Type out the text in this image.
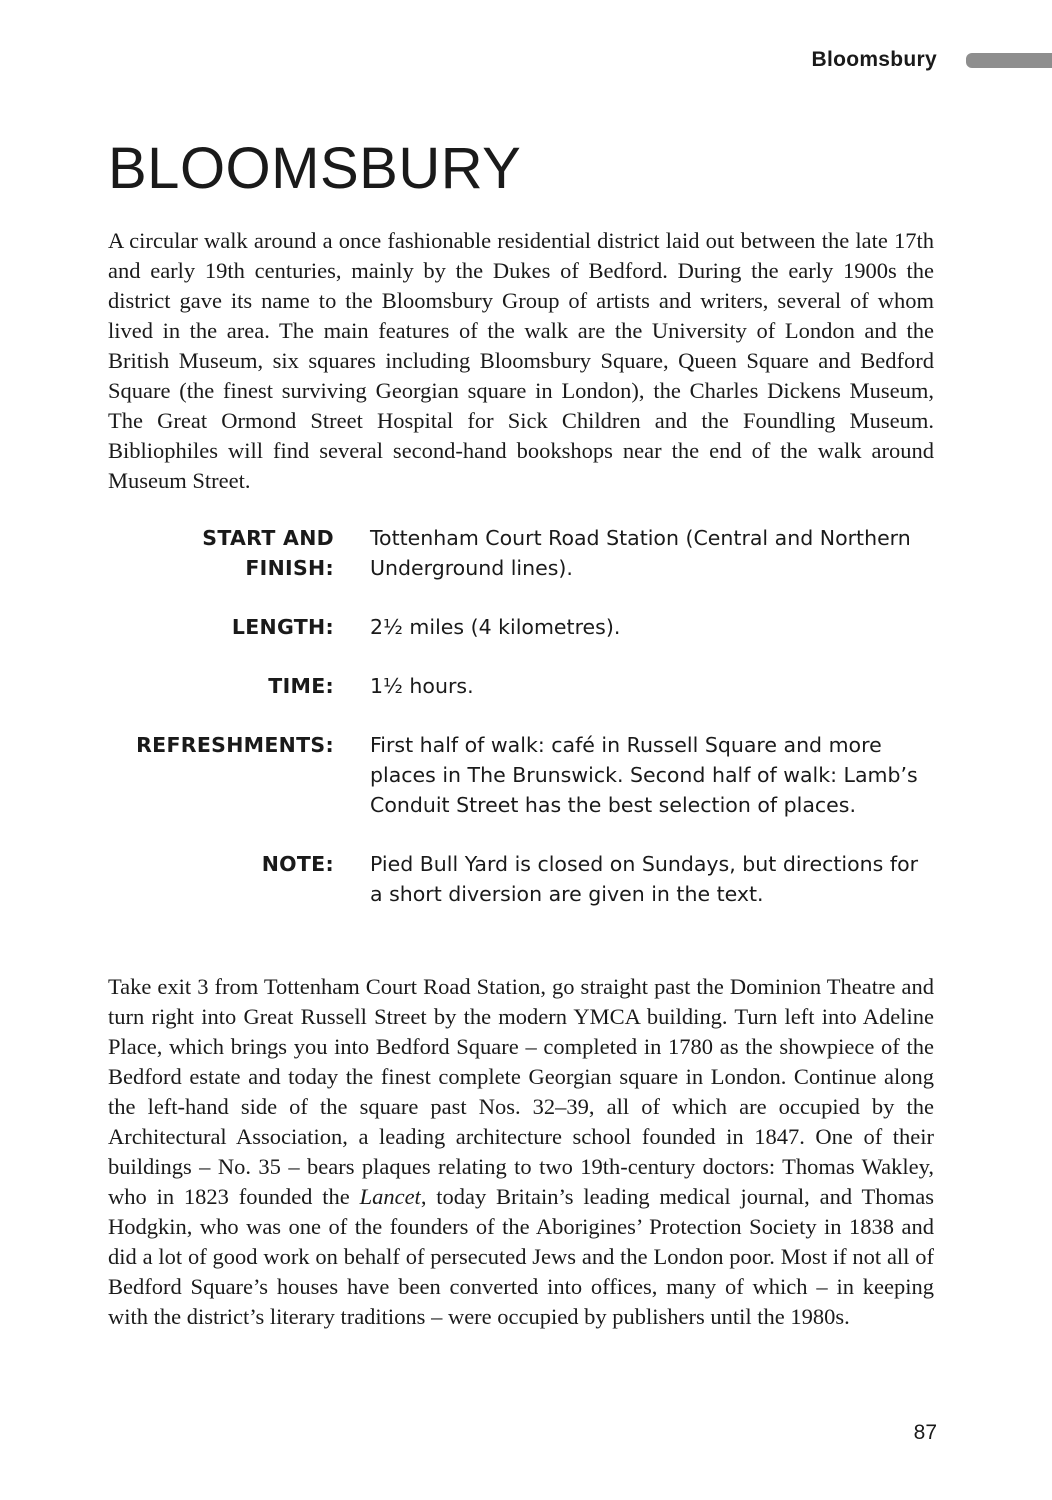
Bloomsbury
BLOOMSBURY

A circular walk around a once fashionable residential district laid out between the late 17th and early 19th centuries, mainly by the Dukes of Bedford. During the early 1900s the district gave its name to the Bloomsbury Group of artists and writers, several of whom lived in the area. The main features of the walk are the University of London and the British Museum, six squares including Bloomsbury Square, Queen Square and Bedford Square (the finest surviving Georgian square in London), the Charles Dickens Museum, The Great Ormond Street Hospital for Sick Children and the Foundling Museum. Bibliophiles will find several second-hand bookshops near the end of the walk around Museum Street.

START AND FINISH:
Tottenham Court Road Station (Central and Northern Underground lines).
LENGTH: 2½ miles (4 kilometres).
TIME: 1½ hours.
REFRESHMENTS: First half of walk: café in Russell Square and more places in The Brunswick. Second half of walk: Lamb’s Conduit Street has the best selection of places.
NOTE: Pied Bull Yard is closed on Sundays, but directions for a short diversion are given in the text.

Take exit 3 from Tottenham Court Road Station, go straight past the Dominion Theatre and turn right into Great Russell Street by the modern YMCA building. Turn left into Adeline Place, which brings you into Bedford Square – completed in 1780 as the showpiece of the Bedford estate and today the finest complete Georgian square in London. Continue along the left-hand side of the square past Nos. 32–39, all of which are occupied by the Architectural Association, a leading architecture school founded in 1847. One of their buildings – No. 35 – bears plaques relating to two 19th-century doctors: Thomas Wakley, who in 1823 founded the Lancet, today Britain’s leading medical journal, and Thomas Hodgkin, who was one of the founders of the Aborigines’ Protection Society in 1838 and did a lot of good work on behalf of persecuted Jews and the London poor. Most if not all of Bedford Square’s houses have been converted into offices, many of which – in keeping with the district’s literary traditions – were occupied by publishers until the 1980s.

87
